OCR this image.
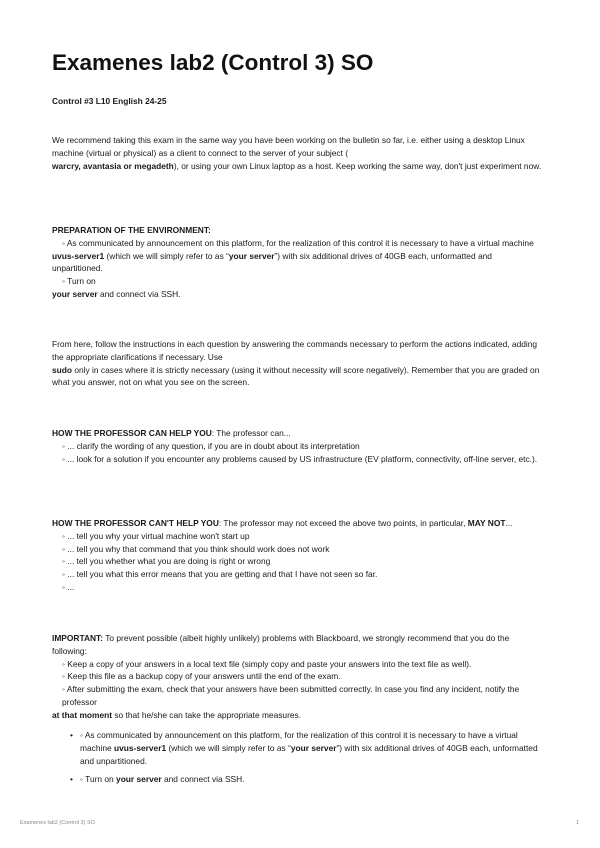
Examenes lab2 (Control 3) SO
Control #3 L10 English 24-25
We recommend taking this exam in the same way you have been working on the bulletin so far, i.e. either using a desktop Linux machine (virtual or physical) as a client to connect to the server of your subject (
warcry, avantasia or megadeth), or using your own Linux laptop as a host. Keep working the same way, don't just experiment now.
PREPARATION OF THE ENVIRONMENT:
◦ As communicated by announcement on this platform, for the realization of this control it is necessary to have a virtual machine
uvus-server1 (which we will simply refer to as “your server”) with six additional drives of 40GB each, unformatted and unpartitioned.
◦ Turn on
your server and connect via SSH.
From here, follow the instructions in each question by answering the commands necessary to perform the actions indicated, adding the appropriate clarifications if necessary. Use
sudo only in cases where it is strictly necessary (using it without necessity will score negatively). Remember that you are graded on what you answer, not on what you see on the screen.
HOW THE PROFESSOR CAN HELP YOU: The professor can...
◦ ... clarify the wording of any question, if you are in doubt about its interpretation
◦ ... look for a solution if you encounter any problems caused by US infrastructure (EV platform, connectivity, off-line server, etc.).
HOW THE PROFESSOR CAN'T HELP YOU: The professor may not exceed the above two points, in particular, MAY NOT...
◦ ... tell you why your virtual machine won't start up
◦ ... tell you why that command that you think should work does not work
◦ ... tell you whether what you are doing is right or wrong
◦ ... tell you what this error means that you are getting and that I have not seen so far.
◦ ...
IMPORTANT: To prevent possible (albeit highly unlikely) problems with Blackboard, we strongly recommend that you do the following:
◦ Keep a copy of your answers in a local text file (simply copy and paste your answers into the text file as well).
◦ Keep this file as a backup copy of your answers until the end of the exam.
◦ After submitting the exam, check that your answers have been submitted correctly. In case you find any incident, notify the professor
at that moment so that he/she can take the appropriate measures.
• ◦ As communicated by announcement on this platform, for the realization of this control it is necessary to have a virtual machine uvus-server1 (which we will simply refer to as “your server”) with six additional drives of 40GB each, unformatted and unpartitioned.
• ◦ Turn on your server and connect via SSH.
Examenes lab2 (Control 3) SO	1
